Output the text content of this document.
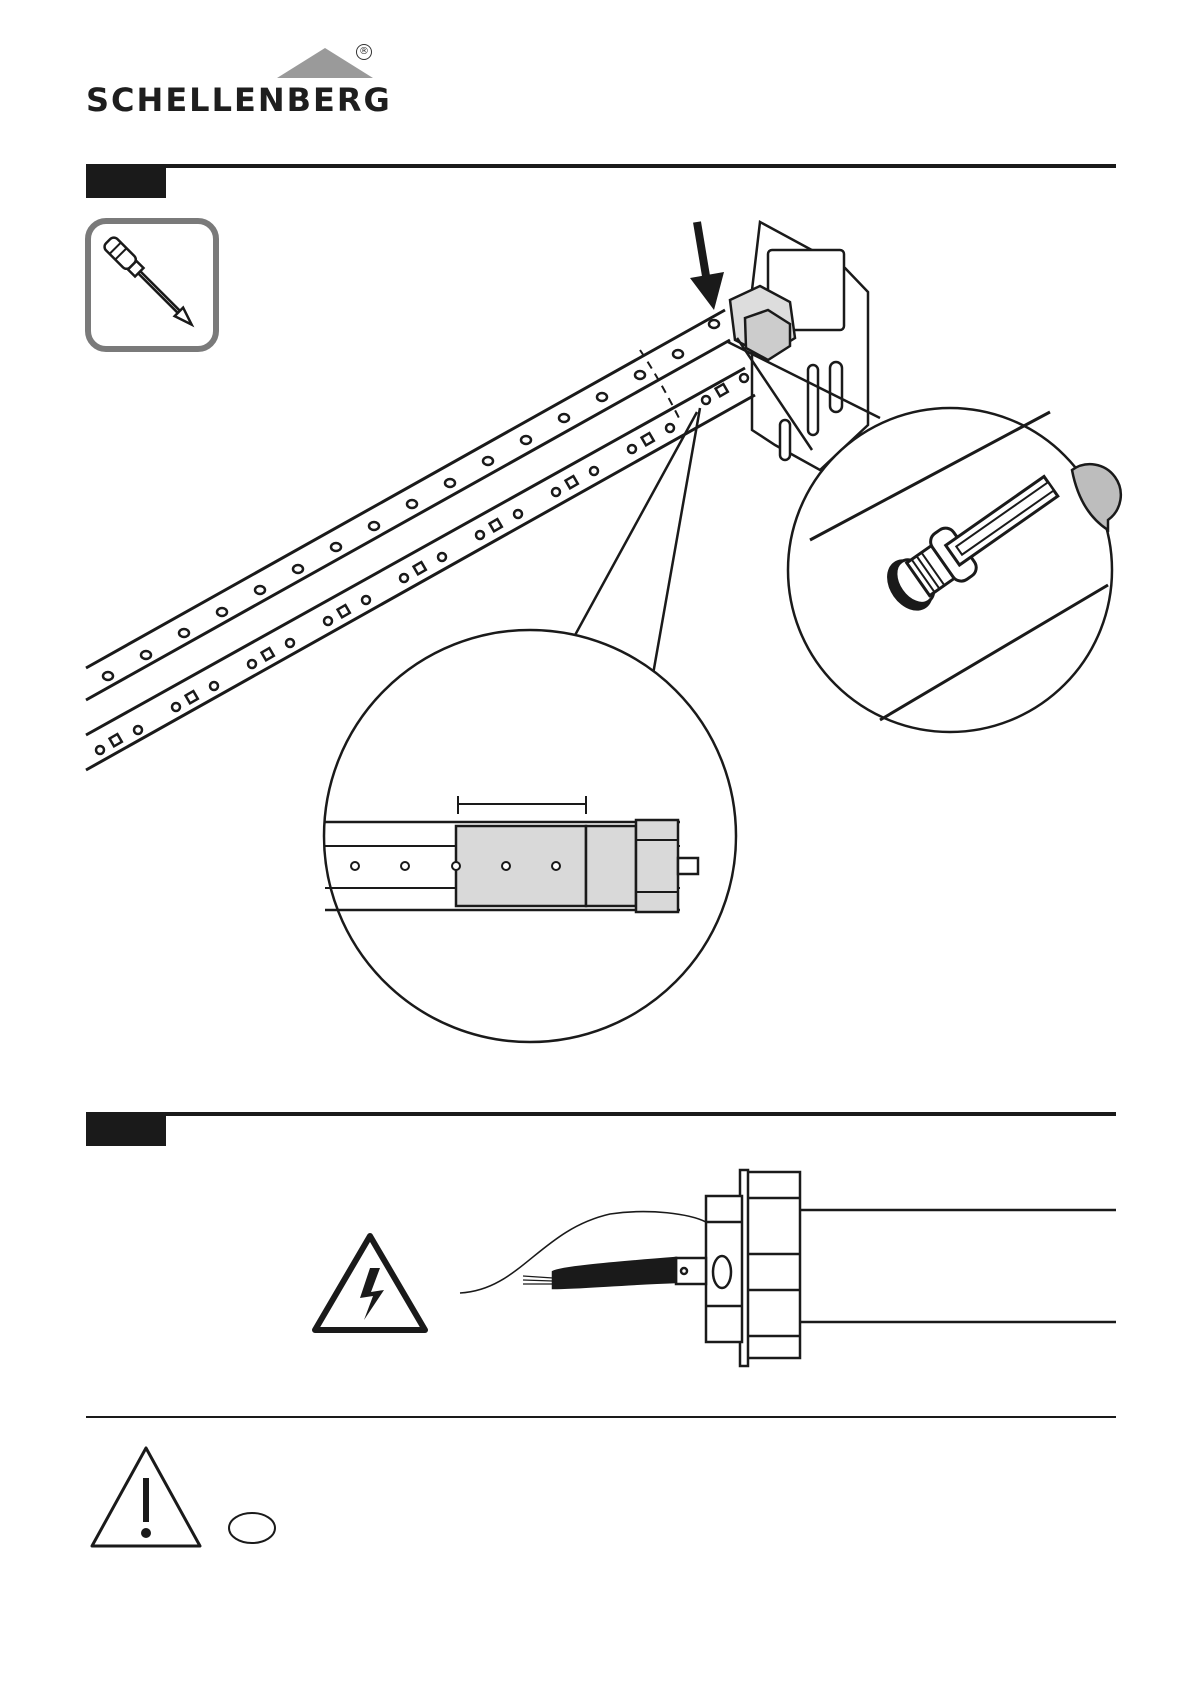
SCHELLENBERG
®
